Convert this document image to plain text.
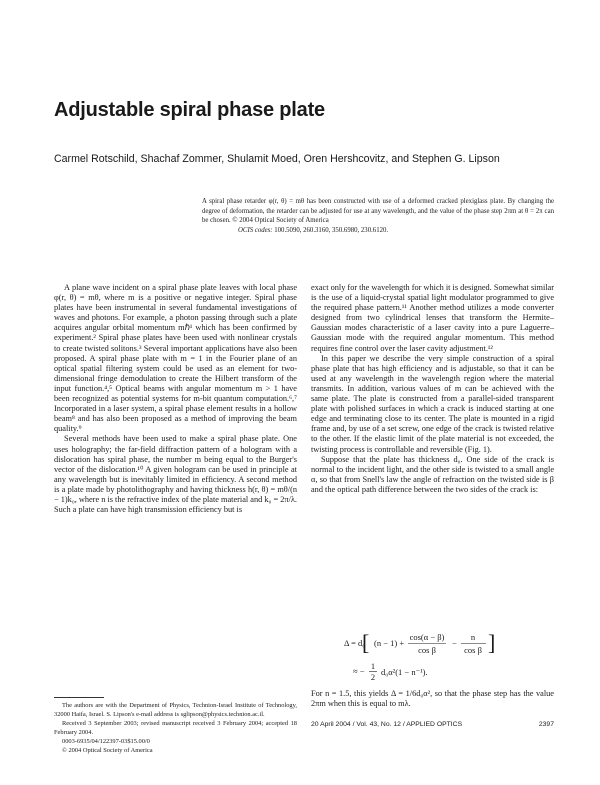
Adjustable spiral phase plate
Carmel Rotschild, Shachaf Zommer, Shulamit Moed, Oren Hershcovitz, and Stephen G. Lipson
A spiral phase retarder φ(r, θ) = mθ has been constructed with use of a deformed cracked plexiglass plate. By changing the degree of deformation, the retarder can be adjusted for use at any wavelength, and the value of the phase step 2πm at θ = 2π can be chosen. © 2004 Optical Society of America
OCIS codes: 100.5090, 260.3160, 350.6980, 230.6120.

A plane wave incident on a spiral phase plate leaves with local phase φ(r, θ) = mθ, where m is a positive or negative integer. Spiral phase plates have been instrumental in several fundamental investigations of waves and photons. For example, a photon passing through such a plate acquires angular orbital momentum mℏ¹ which has been confirmed by experiment.² Spiral phase plates have been used with nonlinear crystals to create twisted solitons.³ Several important applications have also been proposed. A spiral phase plate with m = 1 in the Fourier plane of an optical spatial filtering system could be used as an element for two-dimensional fringe demodulation to create the Hilbert transform of the input function.⁴,⁵ Optical beams with angular momentum m > 1 have been recognized as potential systems for m-bit quantum computation.⁶,⁷ Incorporated in a laser system, a spiral phase element results in a hollow beam⁸ and has also been proposed as a method of improving the beam quality.⁹

Several methods have been used to make a spiral phase plate. One uses holography; the far-field diffraction pattern of a hologram with a dislocation has spiral phase, the number m being equal to the Burger's vector of the dislocation.¹⁰ A given hologram can be used in principle at any wavelength but is inevitably limited in efficiency. A second method is a plate made by photolithography and having thickness h(r, θ) = mθ/(n − 1)k₀, where n is the refractive index of the plate material and k₀ = 2π/λ. Such a plate can have high transmission efficiency but is

exact only for the wavelength for which it is designed. Somewhat similar is the use of a liquid-crystal spatial light modulator programmed to give the required phase pattern.¹¹ Another method utilizes a mode converter designed from two cylindrical lenses that transform the Hermite–Gaussian modes characteristic of a laser cavity into a pure Laguerre–Gaussian mode with the required angular momentum. This method requires fine control over the laser cavity adjustment.¹²

In this paper we describe the very simple construction of a spiral phase plate that has high efficiency and is adjustable, so that it can be used at any wavelength in the wavelength region where the material transmits. In addition, various values of m can be achieved with the same plate. The plate is constructed from a parallel-sided transparent plate with polished surfaces in which a crack is induced starting at one edge and terminating close to its center. The plate is mounted in a rigid frame and, by use of a set screw, one edge of the crack is twisted relative to the other. If the elastic limit of the plate material is not exceeded, the twisting process is controllable and reversible (Fig. 1).

Suppose that the plate has thickness d₀. One side of the crack is normal to the incident light, and the other side is twisted to a small angle α, so that from Snell's law the angle of refraction on the twisted side is β and the optical path difference between the two sides of the crack is:

Δ = d₀
[ (n − 1) +
cos(α − β)
cos β
−
n
cos β ]
≈ − 1
2 d₀α²(1 − n⁻¹).

For n = 1.5, this yields Δ = 1/6d₀α², so that the phase step has the value 2πm when this is equal to mλ.

The authors are with the Department of Physics, Technion-Israel Institute of Technology, 32000 Haifa, Israel. S. Lipson's e-mail address is sglipson@physics.technion.ac.il.

Received 3 September 2003; revised manuscript received 3 February 2004; accepted 18 February 2004.

0003-6935/04/122397-03$15.00/0

© 2004 Optical Society of America

20 April 2004 / Vol. 43, No. 12 / APPLIED OPTICS	2397
